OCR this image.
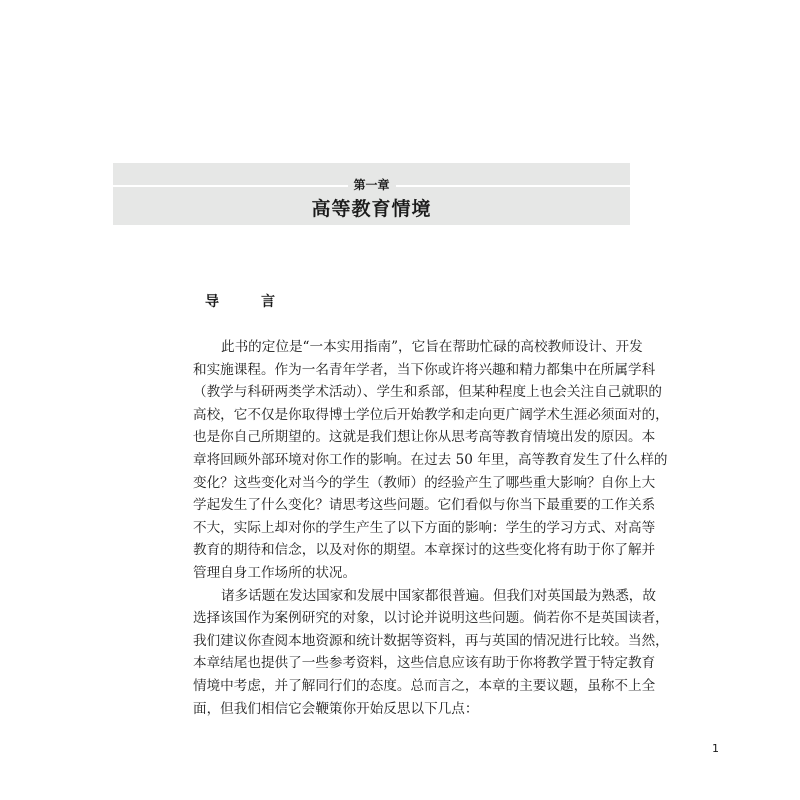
第一章
高等教育情境
导　言
此书的定位是“一本实用指南”，它旨在帮助忙碌的高校教师设计、开发
和实施课程。作为一名青年学者，当下你或许将兴趣和精力都集中在所属学科
（教学与科研两类学术活动）、学生和系部，但某种程度上也会关注自己就职的
高校，它不仅是你取得博士学位后开始教学和走向更广阔学术生涯必须面对的，
也是你自己所期望的。这就是我们想让你从思考高等教育情境出发的原因。本
章将回顾外部环境对你工作的影响。在过去 50 年里，高等教育发生了什么样的
变化？这些变化对当今的学生（教师）的经验产生了哪些重大影响？自你上大
学起发生了什么变化？请思考这些问题。它们看似与你当下最重要的工作关系
不大，实际上却对你的学生产生了以下方面的影响：学生的学习方式、对高等
教育的期待和信念，以及对你的期望。本章探讨的这些变化将有助于你了解并
管理自身工作场所的状况。
诸多话题在发达国家和发展中国家都很普遍。但我们对英国最为熟悉，故
选择该国作为案例研究的对象，以讨论并说明这些问题。倘若你不是英国读者，
我们建议你查阅本地资源和统计数据等资料，再与英国的情况进行比较。当然，
本章结尾也提供了一些参考资料，这些信息应该有助于你将教学置于特定教育
情境中考虑，并了解同行们的态度。总而言之，本章的主要议题，虽称不上全
面，但我们相信它会鞭策你开始反思以下几点：
1
